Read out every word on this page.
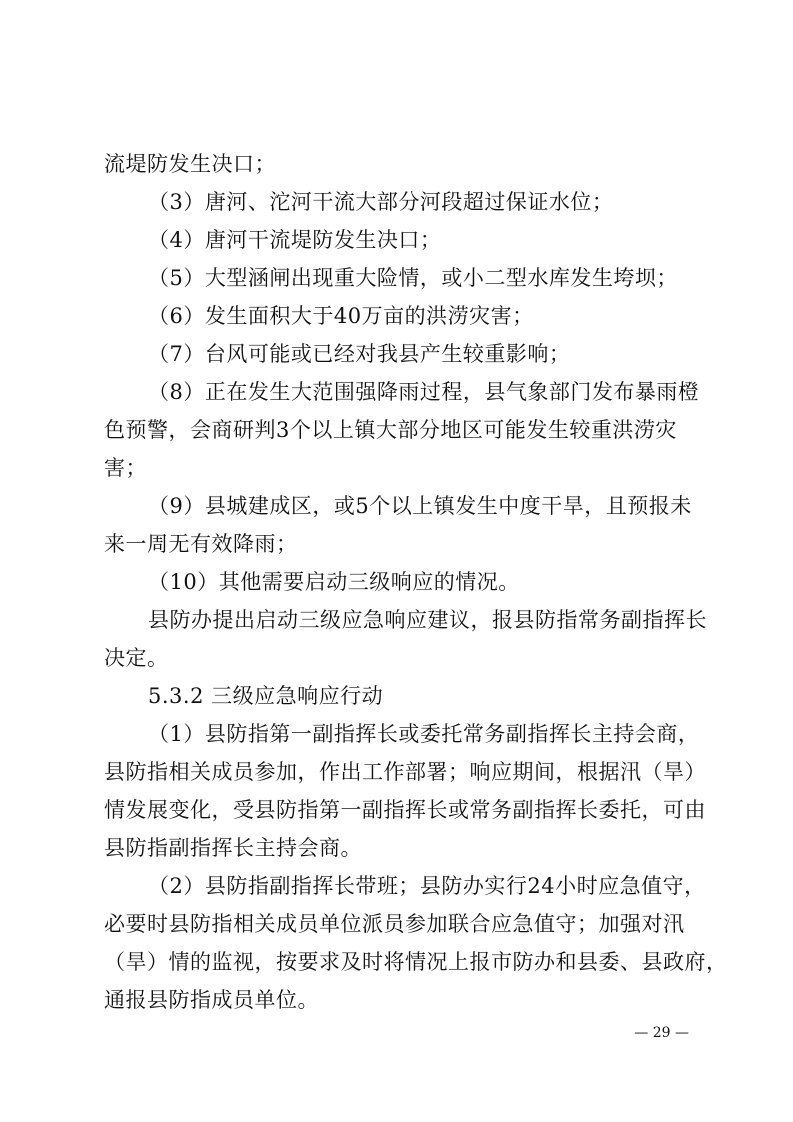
流堤防发生决口；
（3）唐河、沱河干流大部分河段超过保证水位；
（4）唐河干流堤防发生决口；
（5）大型涵闸出现重大险情，或小二型水库发生垮坝；
（6）发生面积大于40万亩的洪涝灾害；
（7）台风可能或已经对我县产生较重影响；
（8）正在发生大范围强降雨过程，县气象部门发布暴雨橙
色预警，会商研判3个以上镇大部分地区可能发生较重洪涝灾
害；
（9）县城建成区，或5个以上镇发生中度干旱，且预报未
来一周无有效降雨；
（10）其他需要启动三级响应的情况。
县防办提出启动三级应急响应建议，报县防指常务副指挥长
决定。
5.3.2 三级应急响应行动
（1）县防指第一副指挥长或委托常务副指挥长主持会商，
县防指相关成员参加，作出工作部署；响应期间，根据汛（旱）
情发展变化，受县防指第一副指挥长或常务副指挥长委托，可由
县防指副指挥长主持会商。
（2）县防指副指挥长带班；县防办实行24小时应急值守，
必要时县防指相关成员单位派员参加联合应急值守；加强对汛
（旱）情的监视，按要求及时将情况上报市防办和县委、县政府，
通报县防指成员单位。
— 29 —
